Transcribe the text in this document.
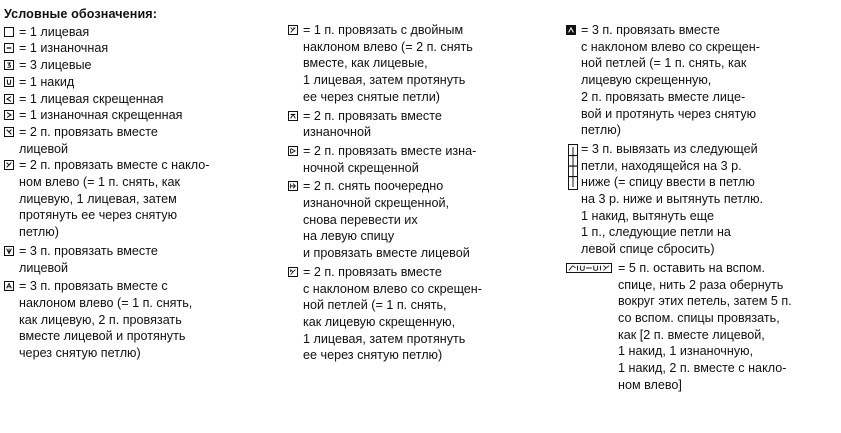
Условные обозначения:
= 1 лицевая
= 1 изнаночная
= 3 лицевые
= 1 накид
= 1 лицевая скрещенная
= 1 изнаночная скрещенная
= 2 п. провязать вместе
лицевой
= 2 п. провязать вместе с накло-
ном влево (= 1 п. снять, как
лицевую, 1 лицевая, затем
протянуть ее через снятую
петлю)
= 3 п. провязать вместе
лицевой
= 3 п. провязать вместе с
наклоном влево (= 1 п. снять,
как лицевую, 2 п. провязать
вместе лицевой и протянуть
через снятую петлю)
= 1 п. провязать с двойным
наклоном влево (= 2 п. снять
вместе, как лицевые,
1 лицевая, затем протянуть
ее через снятые петли)
= 2 п. провязать вместе
изнаночной
= 2 п. провязать вместе изна-
ночной скрещенной
= 2 п. снять поочередно
изнаночной скрещенной,
снова перевести их
на левую спицу
и провязать вместе лицевой
= 2 п. провязать вместе
с наклоном влево со скрещен-
ной петлей (= 1 п. снять,
как лицевую скрещенную,
1 лицевая, затем протянуть
ее через снятую петлю)
= 3 п. провязать вместе
с наклоном влево со скрещен-
ной петлей (= 1 п. снять, как
лицевую скрещенную,
2 п. провязать вместе лице-
вой и протянуть через снятую
петлю)
= 3 п. вывязать из следующей
петли, находящейся на 3 р.
ниже (= спицу ввести в петлю
на 3 р. ниже и вытянуть петлю.
1 накид, вытянуть еще
1 п., следующие петли на
левой спице сбросить)
= 5 п. оставить на вспом.
спице, нить 2 раза обернуть
вокруг этих петель, затем 5 п.
со вспом. спицы провязать,
как [2 п. вместе лицевой,
1 накид, 1 изнаночную,
1 накид, 2 п. вместе с накло-
ном влево]
